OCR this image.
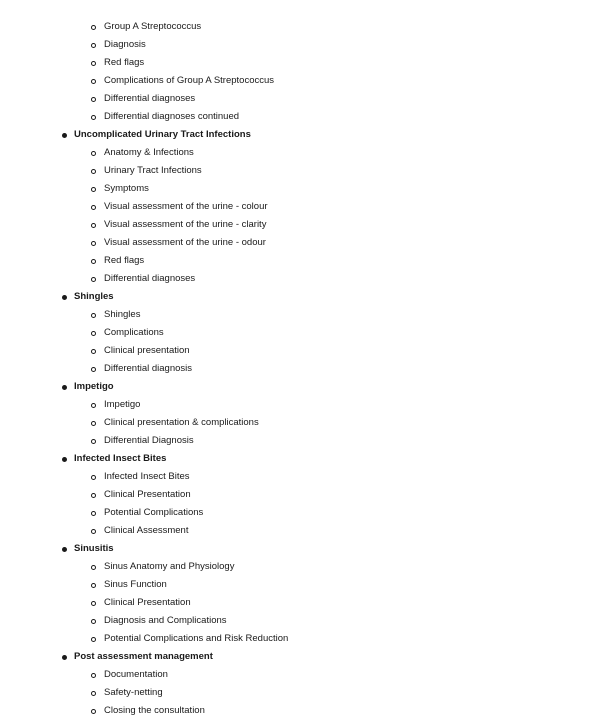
Group A Streptococcus
Diagnosis
Red flags
Complications of Group A Streptococcus
Differential diagnoses
Differential diagnoses continued
Uncomplicated Urinary Tract Infections
Anatomy & Infections
Urinary Tract Infections
Symptoms
Visual assessment of the urine - colour
Visual assessment of the urine - clarity
Visual assessment of the urine - odour
Red flags
Differential diagnoses
Shingles
Shingles
Complications
Clinical presentation
Differential diagnosis
Impetigo
Impetigo
Clinical presentation & complications
Differential Diagnosis
Infected Insect Bites
Infected Insect Bites
Clinical Presentation
Potential Complications
Clinical Assessment
Sinusitis
Sinus Anatomy and Physiology
Sinus Function
Clinical Presentation
Diagnosis and Complications
Potential Complications and Risk Reduction
Post assessment management
Documentation
Safety-netting
Closing the consultation
